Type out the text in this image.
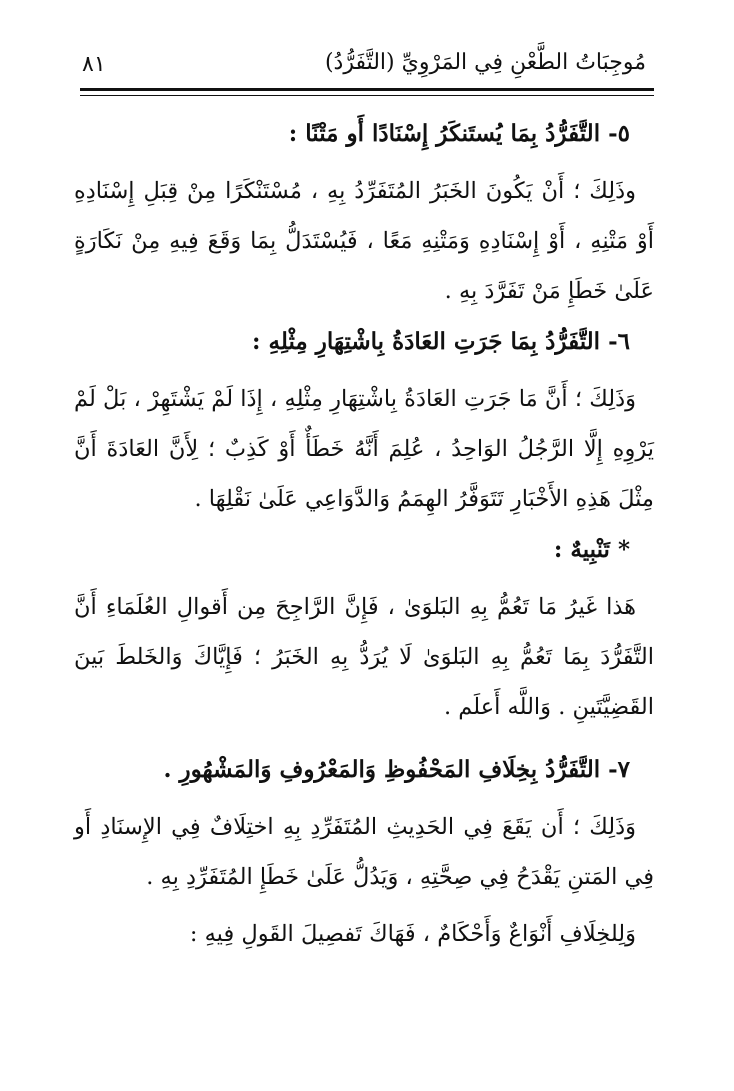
مُوجِبَاتُ الطَّعْنِ فِي المَرْوِيِّ (التَّفَرُّدُ)
٨١

٥- التَّفَرُّدُ بِمَا يُستَنكَرُ إِسْنَادًا أَو مَتْنًا :

وذَلِكَ ؛ أَنْ يَكُونَ الخَبَرُ المُتَفَرِّدُ بِهِ ، مُسْتَنْكَرًا مِنْ قِبَلِ إِسْنَادِهِ أَوْ مَتْنِهِ ، أَوْ إِسْنَادِهِ وَمَتْنِهِ مَعًا ، فَيُسْتَدَلُّ بِمَا وَقَعَ فِيهِ مِنْ نَكَارَةٍ عَلَىٰ خَطَإِ مَنْ تَفَرَّدَ بِهِ .

٦- التَّفَرُّدُ بِمَا جَرَتِ العَادَةُ بِاشْتِهَارِ مِثْلِهِ :

وَذَلِكَ ؛ أَنَّ مَا جَرَتِ العَادَةُ بِاشْتِهَارِ مِثْلِهِ ، إِذَا لَمْ يَشْتَهِرْ ، بَلْ لَمْ يَرْوِهِ إِلَّا الرَّجُلُ الوَاحِدُ ، عُلِمَ أَنَّهُ خَطَأٌ أَوْ كَذِبٌ ؛ لِأَنَّ العَادَةَ أَنَّ مِثْلَ هَذِهِ الأَخْبَارِ تَتَوَفَّرُ الهِمَمُ وَالدَّوَاعِي عَلَىٰ نَقْلِهَا .

* تَنْبِيهٌ :

هَذا غَيرُ مَا تَعُمُّ بِهِ البَلوَىٰ ، فَإِنَّ الرَّاجِحَ مِن أَقوالِ العُلَمَاءِ أَنَّ التَّفَرُّدَ بِمَا تَعُمُّ بِهِ البَلوَىٰ لَا يُرَدُّ بِهِ الخَبَرُ ؛ فَإِيَّاكَ وَالخَلطَ بَينَ القَضِيَّتَينِ . وَاللَّه أَعلَم .

٧- التَّفَرُّدُ بِخِلَافِ المَحْفُوظِ وَالمَعْرُوفِ وَالمَشْهُورِ .

وَذَلِكَ ؛ أَن يَقَعَ فِي الحَدِيثِ المُتَفَرِّدِ بِهِ اختِلَافٌ فِي الإِسنَادِ أَو فِي المَتنِ يَقْدَحُ فِي صِحَّتِهِ ، وَيَدُلُّ عَلَىٰ خَطَإِ المُتَفَرِّدِ بِهِ .

وَلِلخِلَافِ أَنْوَاعٌ وَأَحْكَامٌ ، فَهَاكَ تَفصِيلَ القَولِ فِيهِ :
